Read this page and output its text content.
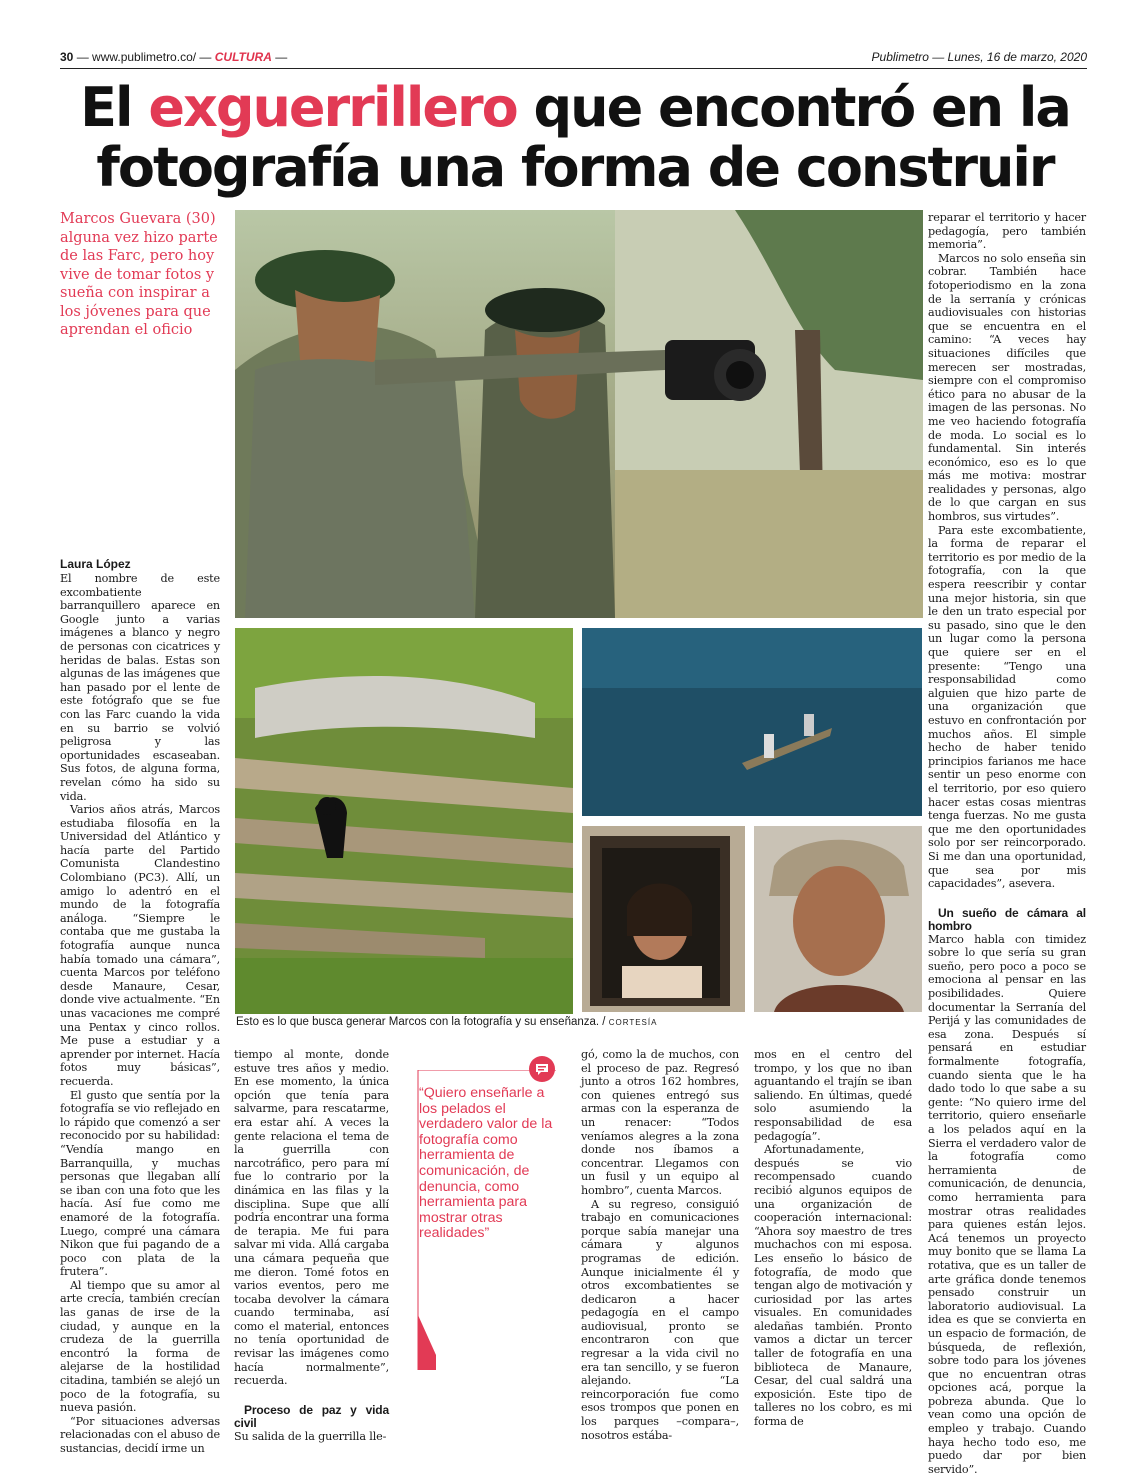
30 — www.publimetro.co/ — CULTURA —	Publimetro — Lunes, 16 de marzo, 2020
El exguerrillero que encontró en la
fotografía una forma de construir
Marcos Guevara (30) alguna vez hizo parte de las Farc, pero hoy vive de tomar fotos y sueña con inspirar a los jóvenes para que aprendan el oficio
Esto es lo que busca generar Marcos con la fotografía y su enseñanza. / CORTESÍA
Laura López

El nombre de este excombatiente barranquillero aparece en Google junto a varias imágenes a blanco y negro de personas con cicatrices y heridas de balas. Estas son algunas de las imágenes que han pasado por el lente de este fotógrafo que se fue con las Farc cuando la vida en su barrio se volvió peligrosa y las oportunidades escaseaban. Sus fotos, de alguna forma, revelan cómo ha sido su vida.

Varios años atrás, Marcos estudiaba filosofía en la Universidad del Atlántico y hacía parte del Partido Comunista Clandestino Colombiano (PC3). Allí, un amigo lo adentró en el mundo de la fotografía análoga. “Siempre le contaba que me gustaba la fotografía aunque nunca había tomado una cámara”, cuenta Marcos por teléfono desde Manaure, Cesar, donde vive actualmente. “En unas vacaciones me compré una Pentax y cinco rollos. Me puse a estudiar y a aprender por internet. Hacía fotos muy básicas”, recuerda.

El gusto que sentía por la fotografía se vio reflejado en lo rápido que comenzó a ser reconocido por su habilidad: “Vendía mango en Barranquilla, y muchas personas que llegaban allí se iban con una foto que les hacía. Así fue como me enamoré de la fotografía. Luego, compré una cámara Nikon que fui pagando de a poco con plata de la frutera”.

Al tiempo que su amor al arte crecía, también crecían las ganas de irse de la ciudad, y aunque en la crudeza de la guerrilla encontró la forma de alejarse de la hostilidad citadina, también se alejó un poco de la fotografía, su nueva pasión.

“Por situaciones adversas relacionadas con el abuso de sustancias, decidí irme un

tiempo al monte, donde estuve tres años y medio. En ese momento, la única opción que tenía para salvarme, para rescatarme, era estar ahí. A veces la gente relaciona el tema de la guerrilla con narcotráfico, pero para mí fue lo contrario por la dinámica en las filas y la disciplina. Supe que allí podría encontrar una forma de terapia. Me fui para salvar mi vida. Allá cargaba una cámara pequeña que me dieron. Tomé fotos en varios eventos, pero me tocaba devolver la cámara cuando terminaba, así como el material, entonces no tenía oportunidad de revisar las imágenes como hacía normalmente”, recuerda.

Proceso de paz y vida civil

Su salida de la guerrilla lle-

“Quiero enseñarle a los pelados el verdadero valor de la fotografía como herramienta de comunicación, de denuncia, como herramienta para mostrar otras realidades”

gó, como la de muchos, con el proceso de paz. Regresó junto a otros 162 hombres, con quienes entregó sus armas con la esperanza de un renacer: “Todos veníamos alegres a la zona donde nos íbamos a concentrar. Llegamos con un fusil y un equipo al hombro”, cuenta Marcos.

A su regreso, consiguió trabajo en comunicaciones porque sabía manejar una cámara y algunos programas de edición. Aunque inicialmente él y otros excombatientes se dedicaron a hacer pedagogía en el campo audiovisual, pronto se encontraron con que regresar a la vida civil no era tan sencillo, y se fueron alejando. “La reincorporación fue como esos trompos que ponen en los parques –compara–, nosotros estába-

mos en el centro del trompo, y los que no iban aguantando el trajín se iban saliendo. En últimas, quedé solo asumiendo la responsabilidad de esa pedagogía”.

Afortunadamente, después se vio recompensado cuando recibió algunos equipos de una organización de cooperación internacional: “Ahora soy maestro de tres muchachos con mi esposa. Les enseño lo básico de fotografía, de modo que tengan algo de motivación y curiosidad por las artes visuales. En comunidades aledañas también. Pronto vamos a dictar un tercer taller de fotografía en una biblioteca de Manaure, Cesar, del cual saldrá una exposición. Este tipo de talleres no los cobro, es mi forma de

reparar el territorio y hacer pedagogía, pero también memoria”.

Marcos no solo enseña sin cobrar. También hace fotoperiodismo en la zona de la serranía y crónicas audiovisuales con historias que se encuentra en el camino: “A veces hay situaciones difíciles que merecen ser mostradas, siempre con el compromiso ético para no abusar de la imagen de las personas. No me veo haciendo fotografía de moda. Lo social es lo fundamental. Sin interés económico, eso es lo que más me motiva: mostrar realidades y personas, algo de lo que cargan en sus hombros, sus virtudes”.

Para este excombatiente, la forma de reparar el territorio es por medio de la fotografía, con la que espera reescribir y contar una mejor historia, sin que le den un trato especial por su pasado, sino que le den un lugar como la persona que quiere ser en el presente: “Tengo una responsabilidad como alguien que hizo parte de una organización que estuvo en confrontación por muchos años. El simple hecho de haber tenido principios farianos me hace sentir un peso enorme con el territorio, por eso quiero hacer estas cosas mientras tenga fuerzas. No me gusta que me den oportunidades solo por ser reincorporado. Si me dan una oportunidad, que sea por mis capacidades”, asevera.

Un sueño de cámara al hombro

Marco habla con timidez sobre lo que sería su gran sueño, pero poco a poco se emociona al pensar en las posibilidades. Quiere documentar la Serranía del Perijá y las comunidades de esa zona. Después sí pensará en estudiar formalmente fotografía, cuando sienta que le ha dado todo lo que sabe a su gente: “No quiero irme del territorio, quiero enseñarle a los pelados aquí en la Sierra el verdadero valor de la fotografía como herramienta de comunicación, de denuncia, como herramienta para mostrar otras realidades para quienes están lejos. Acá tenemos un proyecto muy bonito que se llama La rotativa, que es un taller de arte gráfica donde tenemos pensado construir un laboratorio audiovisual. La idea es que se convierta en un espacio de formación, de búsqueda, de reflexión, sobre todo para los jóvenes que no encuentran otras opciones acá, porque la pobreza abunda. Que lo vean como una opción de empleo y trabajo. Cuando haya hecho todo eso, me puedo dar por bien servido”.
